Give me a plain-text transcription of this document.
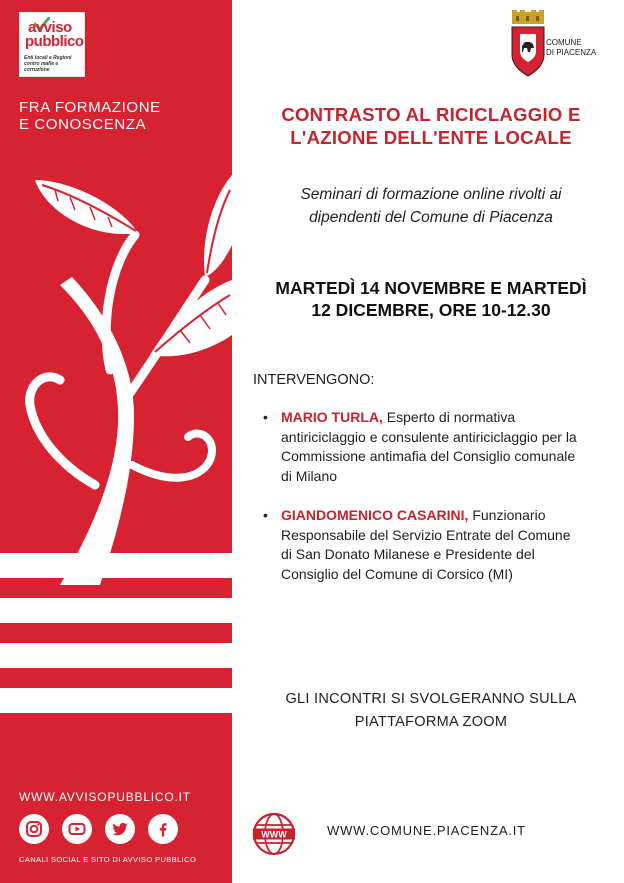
avviso
pubblico
Enti locali e Regioni contro mafie e corruzione
FRA FORMAZIONE
E CONOSCENZA
WWW.AVVISOPUBBLICO.IT
CANALI SOCIAL E SITO DI AVVISO PUBBLICO
COMUNE
DI PIACENZA
CONTRASTO AL RICICLAGGIO E
L'AZIONE DELL'ENTE LOCALE
Seminari di formazione online rivolti ai
dipendenti del Comune di Piacenza
MARTEDÌ 14 NOVEMBRE E MARTEDÌ
12 DICEMBRE, ORE 10-12.30
INTERVENGONO:
• MARIO TURLA, Esperto di normativa antiriciclaggio e consulente antiriciclaggio per la Commissione antimafia del Consiglio comunale di Milano
• GIANDOMENICO CASARINI, Funzionario Responsabile del Servizio Entrate del Comune di San Donato Milanese e Presidente del Consiglio del Comune di Corsico (MI)
GLI INCONTRI SI SVOLGERANNO SULLA
PIATTAFORMA ZOOM
WWW	WWW.COMUNE.PIACENZA.IT
